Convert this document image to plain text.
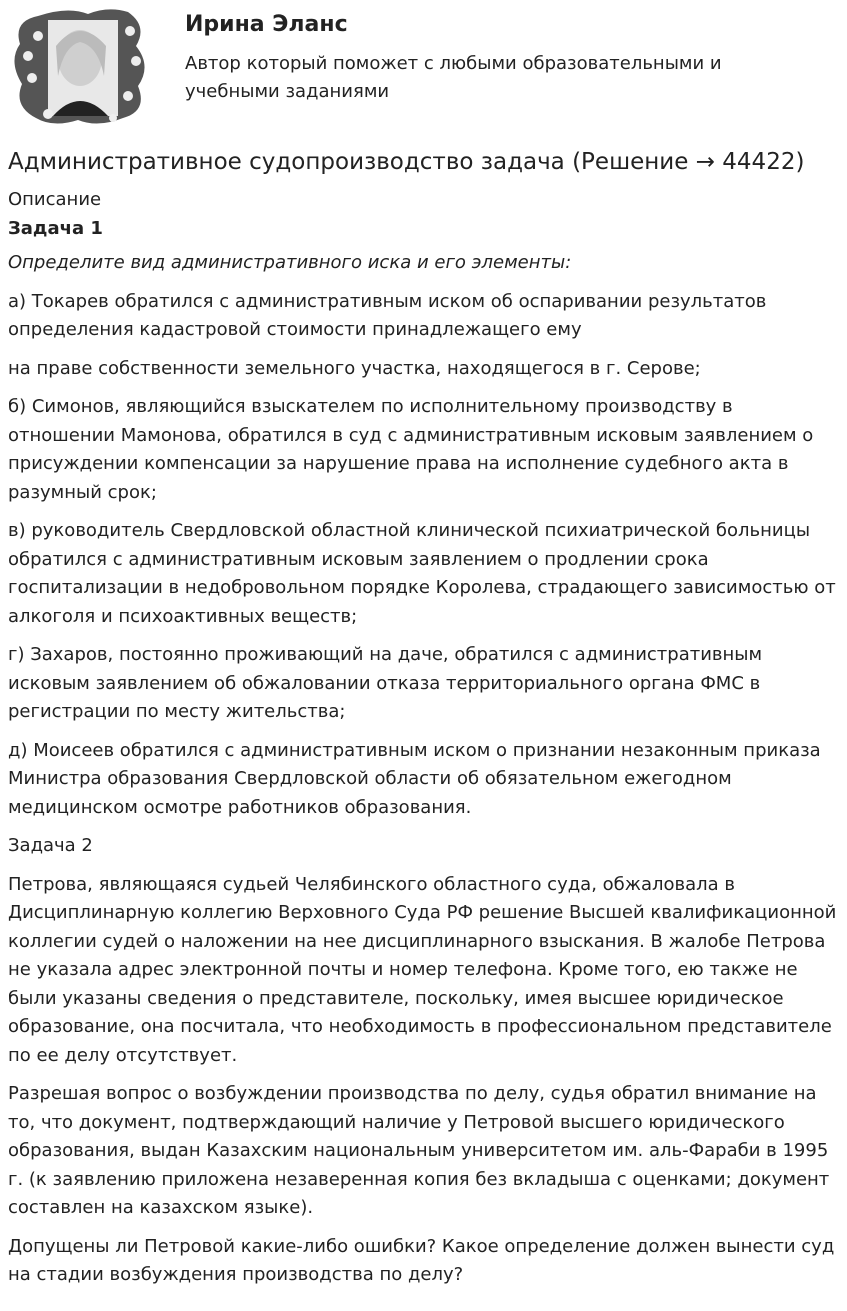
Ирина Эланс
Автор который поможет с любыми образовательными и учебными заданиями
Административное судопроизводство задача (Решение → 44422)
Описание
Задача 1

Определите вид административного иска и его элементы:

а) Токарев обратился с административным иском об оспаривании результатов определения кадастровой стоимости принадлежащего ему

на праве собственности земельного участка, находящегося в г. Серове;

б) Симонов, являющийся взыскателем по исполнительному производству в отношении Мамонова, обратился в суд с административным исковым заявлением о присуждении компенсации за нарушение права на исполнение судебного акта в разумный срок;

в) руководитель Свердловской областной клинической психиатрической больницы обратился с административным исковым заявлением о продлении срока госпитализации в недобровольном порядке Королева, страдающего зависимостью от алкоголя и психоактивных веществ;

г) Захаров, постоянно проживающий на даче, обратился с административным исковым заявлением об обжаловании отказа территориального органа ФМС в регистрации по месту жительства;

д) Моисеев обратился с административным иском о признании незаконным приказа Министра образования Свердловской области об обязательном ежегодном медицинском осмотре работников образования.

Задача 2

Петрова, являющаяся судьей Челябинского областного суда, обжаловала в Дисциплинарную коллегию Верховного Суда РФ решение Высшей квалификационной коллегии судей о наложении на нее дисциплинарного взыскания. В жалобе Петрова не указала адрес электронной почты и номер телефона. Кроме того, ею также не были указаны сведения о представителе, поскольку, имея высшее юридическое образование, она посчитала, что необходимость в профессиональном представителе по ее делу отсутствует.

Разрешая вопрос о возбуждении производства по делу, судья обратил внимание на то, что документ, подтверждающий наличие у Петровой высшего юридического образования, выдан Казахским национальным университетом им. аль-Фараби в 1995 г. (к заявлению приложена незаверенная копия без вкладыша с оценками; документ составлен на казахском языке).

Допущены ли Петровой какие-либо ошибки? Какое определение должен вынести суд на стадии возбуждения производства по делу?
